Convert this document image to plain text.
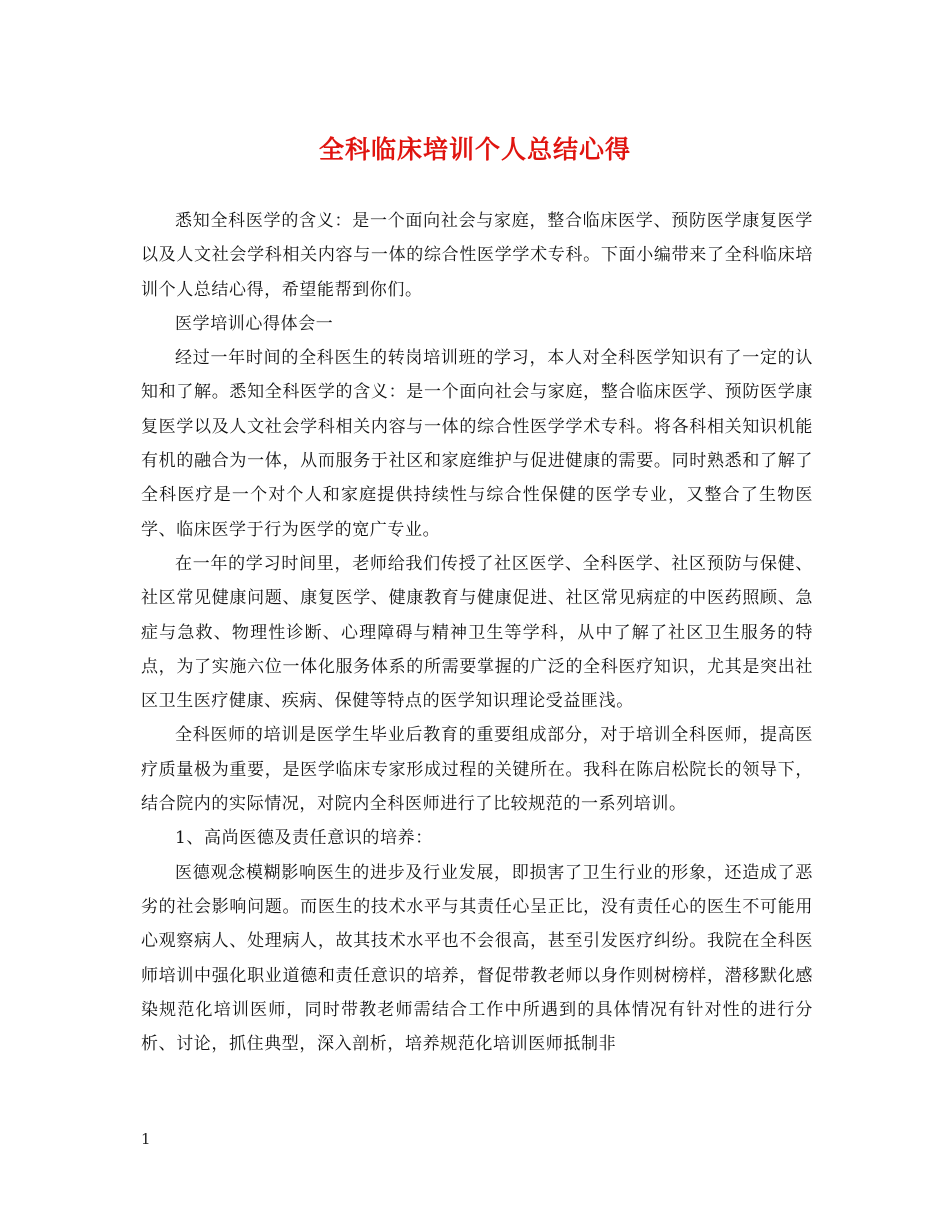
全科临床培训个人总结心得

悉知全科医学的含义：是一个面向社会与家庭，整合临床医学、预防医学康复医学以及人文社会学科相关内容与一体的综合性医学学术专科。下面小编带来了全科临床培训个人总结心得，希望能帮到你们。

医学培训心得体会一

经过一年时间的全科医生的转岗培训班的学习，本人对全科医学知识有了一定的认知和了解。悉知全科医学的含义：是一个面向社会与家庭，整合临床医学、预防医学康复医学以及人文社会学科相关内容与一体的综合性医学学术专科。将各科相关知识机能有机的融合为一体，从而服务于社区和家庭维护与促进健康的需要。同时熟悉和了解了全科医疗是一个对个人和家庭提供持续性与综合性保健的医学专业，又整合了生物医学、临床医学于行为医学的宽广专业。

在一年的学习时间里，老师给我们传授了社区医学、全科医学、社区预防与保健、社区常见健康问题、康复医学、健康教育与健康促进、社区常见病症的中医药照顾、急症与急救、物理性诊断、心理障碍与精神卫生等学科，从中了解了社区卫生服务的特点，为了实施六位一体化服务体系的所需要掌握的广泛的全科医疗知识，尤其是突出社区卫生医疗健康、疾病、保健等特点的医学知识理论受益匪浅。

全科医师的培训是医学生毕业后教育的重要组成部分，对于培训全科医师，提高医疗质量极为重要，是医学临床专家形成过程的关键所在。我科在陈启松院长的领导下，结合院内的实际情况，对院内全科医师进行了比较规范的一系列培训。

1、高尚医德及责任意识的培养：

医德观念模糊影响医生的进步及行业发展，即损害了卫生行业的形象，还造成了恶劣的社会影响问题。而医生的技术水平与其责任心呈正比，没有责任心的医生不可能用心观察病人、处理病人，故其技术水平也不会很高，甚至引发医疗纠纷。我院在全科医师培训中强化职业道德和责任意识的培养，督促带教老师以身作则树榜样，潜移默化感染规范化培训医师，同时带教老师需结合工作中所遇到的具体情况有针对性的进行分析、讨论，抓住典型，深入剖析，培养规范化培训医师抵制非

1
